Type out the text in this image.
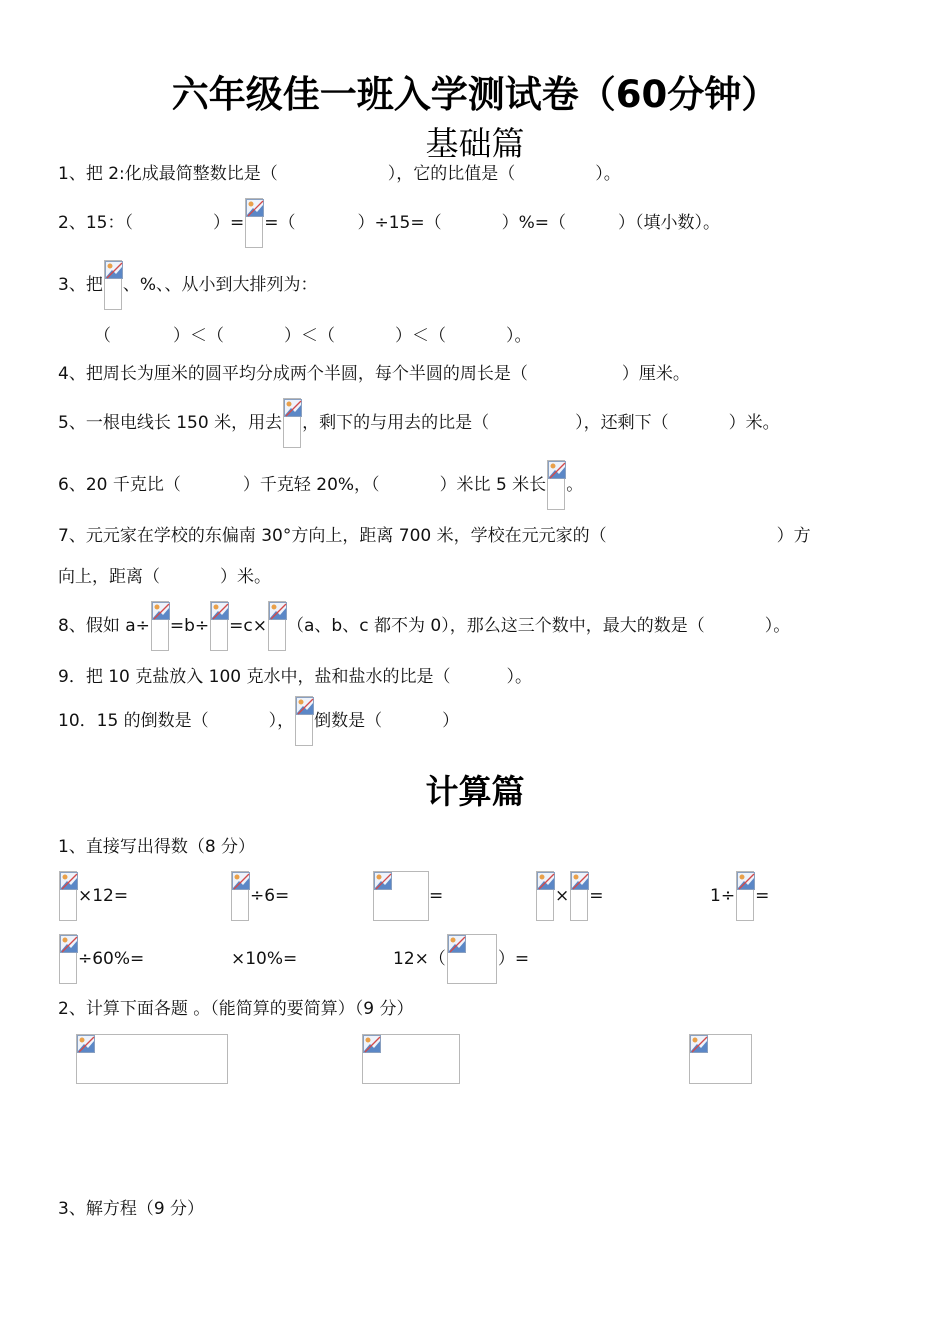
六年级佳一班入学测试卷（60分钟）
基础篇
1、把 2:化成最简整数比是（	），它的比值是（	）。
2、15：（	）= =（	）÷15=（	）%=（	）（填小数）。
3、把 、%、、从小到大排列为：
（	）＜（	）＜（	）＜（	）。
4、把周长为厘米的圆平均分成两个半圆，每个半圆的周长是（	）厘米。
5、一根电线长 150 米，用去 ，剩下的与用去的比是（	），还剩下（	）米。
6、20 千克比（	）千克轻 20%，（	）米比 5 米长 。
7、元元家在学校的东偏南 30°方向上，距离 700 米，学校在元元家的（	）方
向上，距离（	）米。
8、假如 a÷ =b÷ =c× （a、b、c 都不为 0），那么这三个数中，最大的数是（	）。
9．把 10 克盐放入 100 克水中，盐和盐水的比是（	）。
10．15 的倒数是（	）， 倒数是（	）
计算篇
1、直接写出得数（8 分）
×12=	÷6=	=	× =	1÷ =
÷60%=	×10%=	12×（	）=
2、计算下面各题 。（能简算的要简算）（9 分）
3、解方程（9 分）
